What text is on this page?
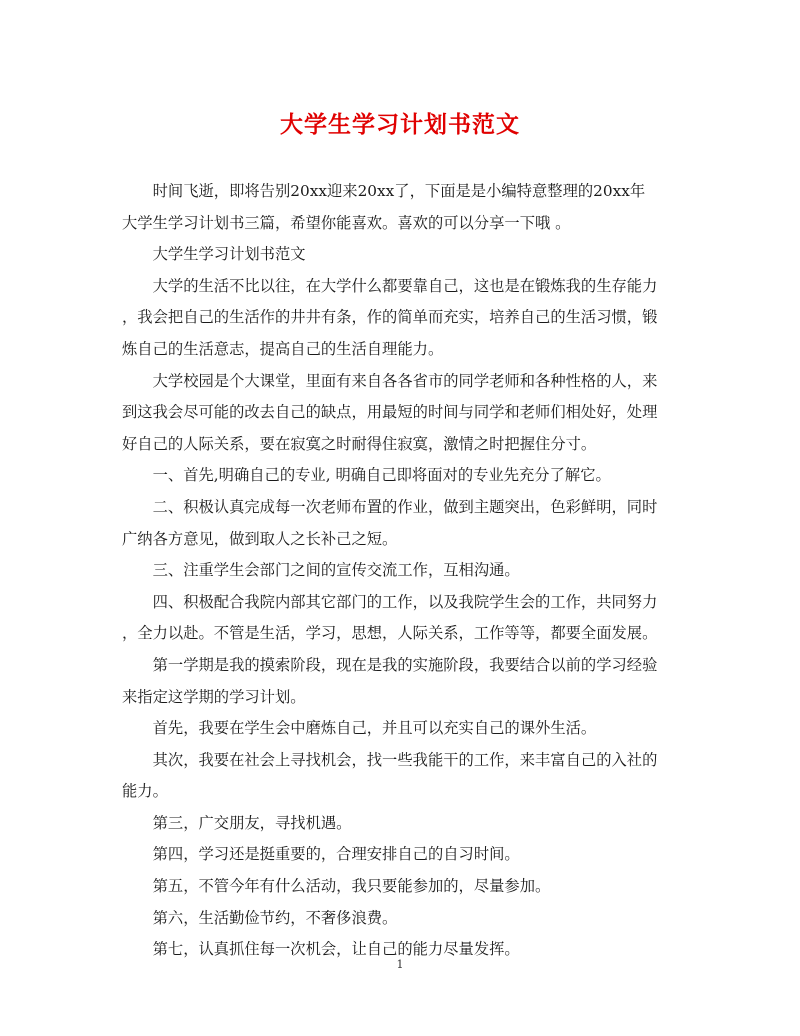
大学生学习计划书范文

时间飞逝，即将告别20xx迎来20xx了，下面是是小编特意整理的20xx年
大学生学习计划书三篇，希望你能喜欢。喜欢的可以分享一下哦 。

大学生学习计划书范文

大学的生活不比以往，在大学什么都要靠自己，这也是在锻炼我的生存能力
，我会把自己的生活作的井井有条，作的简单而充实，培养自己的生活习惯，锻
炼自己的生活意志，提高自己的生活自理能力。

大学校园是个大课堂，里面有来自各各省市的同学老师和各种性格的人，来
到这我会尽可能的改去自己的缺点，用最短的时间与同学和老师们相处好，处理
好自己的人际关系，要在寂寞之时耐得住寂寞，激情之时把握住分寸。

一、首先,明确自己的专业, 明确自己即将面对的专业先充分了解它。

二、积极认真完成每一次老师布置的作业，做到主题突出，色彩鲜明，同时
广纳各方意见，做到取人之长补己之短。

三、注重学生会部门之间的宣传交流工作，互相沟通。

四、积极配合我院内部其它部门的工作，以及我院学生会的工作，共同努力
，全力以赴。不管是生活，学习，思想，人际关系，工作等等，都要全面发展。

第一学期是我的摸索阶段，现在是我的实施阶段，我要结合以前的学习经验
来指定这学期的学习计划。

首先，我要在学生会中磨炼自己，并且可以充实自己的课外生活。

其次，我要在社会上寻找机会，找一些我能干的工作，来丰富自己的入社的
能力。

第三，广交朋友，寻找机遇。

第四，学习还是挺重要的，合理安排自己的自习时间。

第五，不管今年有什么活动，我只要能参加的，尽量参加。

第六，生活勤俭节约，不奢侈浪费。

第七，认真抓住每一次机会，让自己的能力尽量发挥。

1
